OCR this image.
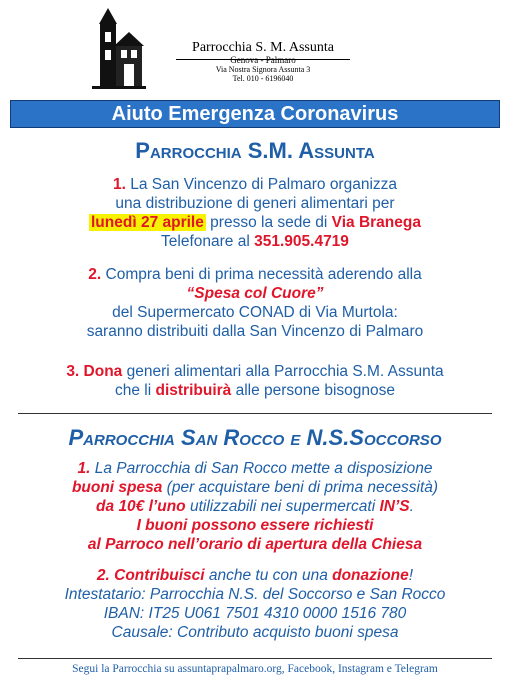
Parrocchia S. M. Assunta
Genova - Palmaro
Via Nostra Signora Assunta 3
Tel. 010 - 6196040
Aiuto Emergenza Coronavirus
Parrocchia S.M. Assunta
1. La San Vincenzo di Palmaro organizza
una distribuzione di generi alimentari per
lunedì 27 aprile presso la sede di Via Branega
Telefonare al 351.905.4719
2. Compra beni di prima necessità aderendo alla
“Spesa col Cuore”
del Supermercato CONAD di Via Murtola:
saranno distribuiti dalla San Vincenzo di Palmaro
3. Dona generi alimentari alla Parrocchia S.M. Assunta
che li distribuirà alle persone bisognose
Parrocchia San Rocco e N.S.Soccorso
1. La Parrocchia di San Rocco mette a disposizione
buoni spesa (per acquistare beni di prima necessità)
da 10€ l’uno utilizzabili nei supermercati IN’S.
I buoni possono essere richiesti
al Parroco nell’orario di apertura della Chiesa
2. Contribuisci anche tu con una donazione!
Intestatario: Parrocchia N.S. del Soccorso e San Rocco
IBAN: IT25 U061 7501 4310 0000 1516 780
Causale: Contributo acquisto buoni spesa
Segui la Parrocchia su assuntaprapalmaro.org, Facebook, Instagram e Telegram
